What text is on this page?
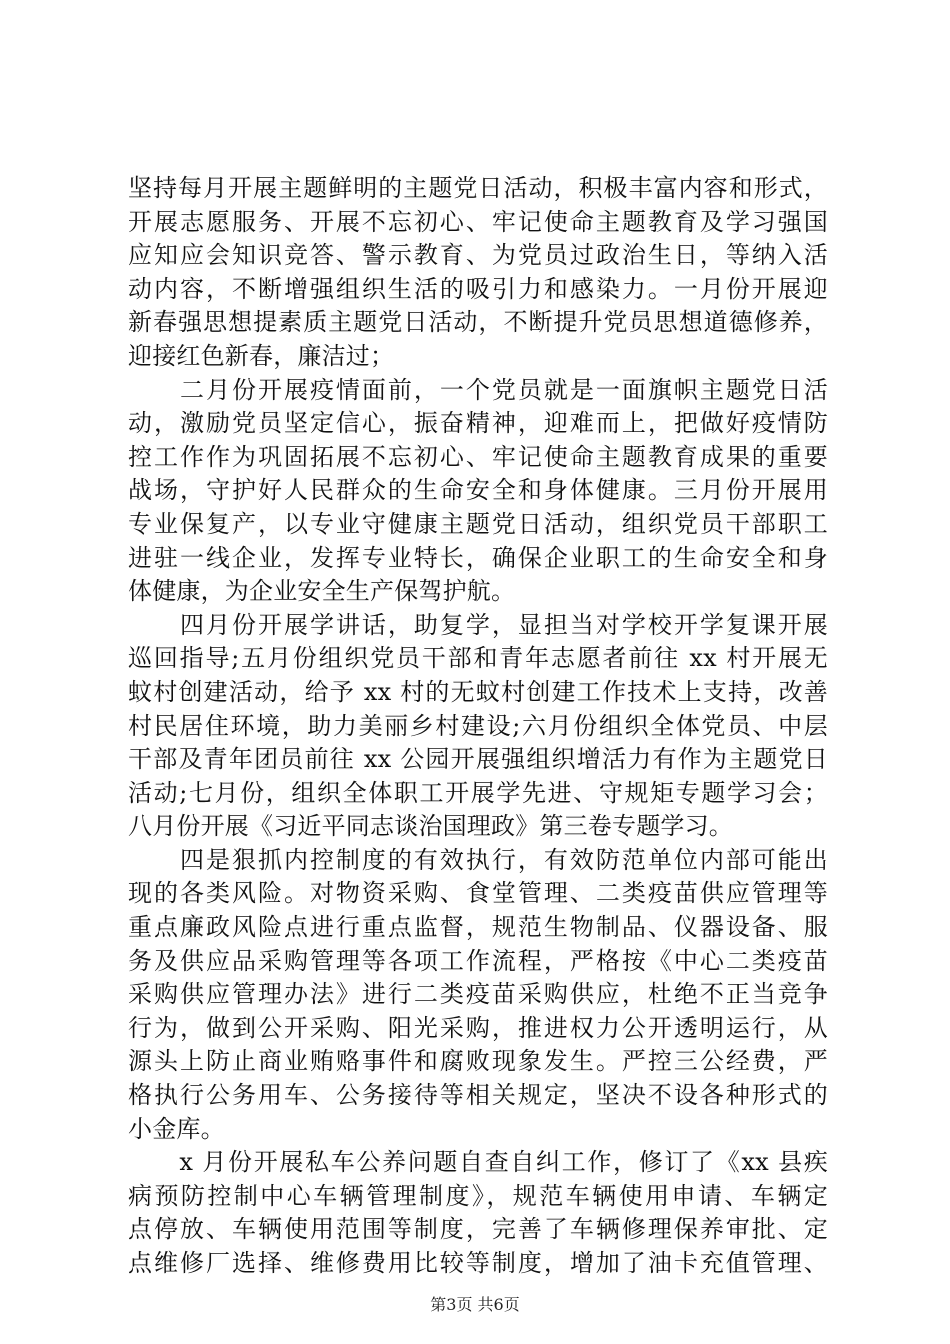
坚持每月开展主题鲜明的主题党日活动，积极丰富内容和形式，
开展志愿服务、开展不忘初心、牢记使命主题教育及学习强国
应知应会知识竞答、警示教育、为党员过政治生日，等纳入活
动内容，不断增强组织生活的吸引力和感染力。一月份开展迎
新春强思想提素质主题党日活动，不断提升党员思想道德修养，
迎接红色新春，廉洁过；
　　二月份开展疫情面前，一个党员就是一面旗帜主题党日活
动，激励党员坚定信心，振奋精神，迎难而上，把做好疫情防
控工作作为巩固拓展不忘初心、牢记使命主题教育成果的重要
战场，守护好人民群众的生命安全和身体健康。三月份开展用
专业保复产，以专业守健康主题党日活动，组织党员干部职工
进驻一线企业，发挥专业特长，确保企业职工的生命安全和身
体健康，为企业安全生产保驾护航。
　　四月份开展学讲话，助复学，显担当对学校开学复课开展
巡回指导;五月份组织党员干部和青年志愿者前往 xx 村开展无
蚊村创建活动，给予 xx 村的无蚊村创建工作技术上支持，改善
村民居住环境，助力美丽乡村建设;六月份组织全体党员、中层
干部及青年团员前往 xx 公园开展强组织增活力有作为主题党日
活动;七月份，组织全体职工开展学先进、守规矩专题学习会；
八月份开展《习近平同志谈治国理政》第三卷专题学习。
　　四是狠抓内控制度的有效执行，有效防范单位内部可能出
现的各类风险。对物资采购、食堂管理、二类疫苗供应管理等
重点廉政风险点进行重点监督，规范生物制品、仪器设备、服
务及供应品采购管理等各项工作流程，严格按《中心二类疫苗
采购供应管理办法》进行二类疫苗采购供应，杜绝不正当竞争
行为，做到公开采购、阳光采购，推进权力公开透明运行，从
源头上防止商业贿赂事件和腐败现象发生。严控三公经费，严
格执行公务用车、公务接待等相关规定，坚决不设各种形式的
小金库。
　　x 月份开展私车公养问题自查自纠工作，修订了《xx 县疾
病预防控制中心车辆管理制度》，规范车辆使用申请、车辆定
点停放、车辆使用范围等制度，完善了车辆修理保养审批、定
点维修厂选择、维修费用比较等制度，增加了油卡充值管理、
第3页 共6页
